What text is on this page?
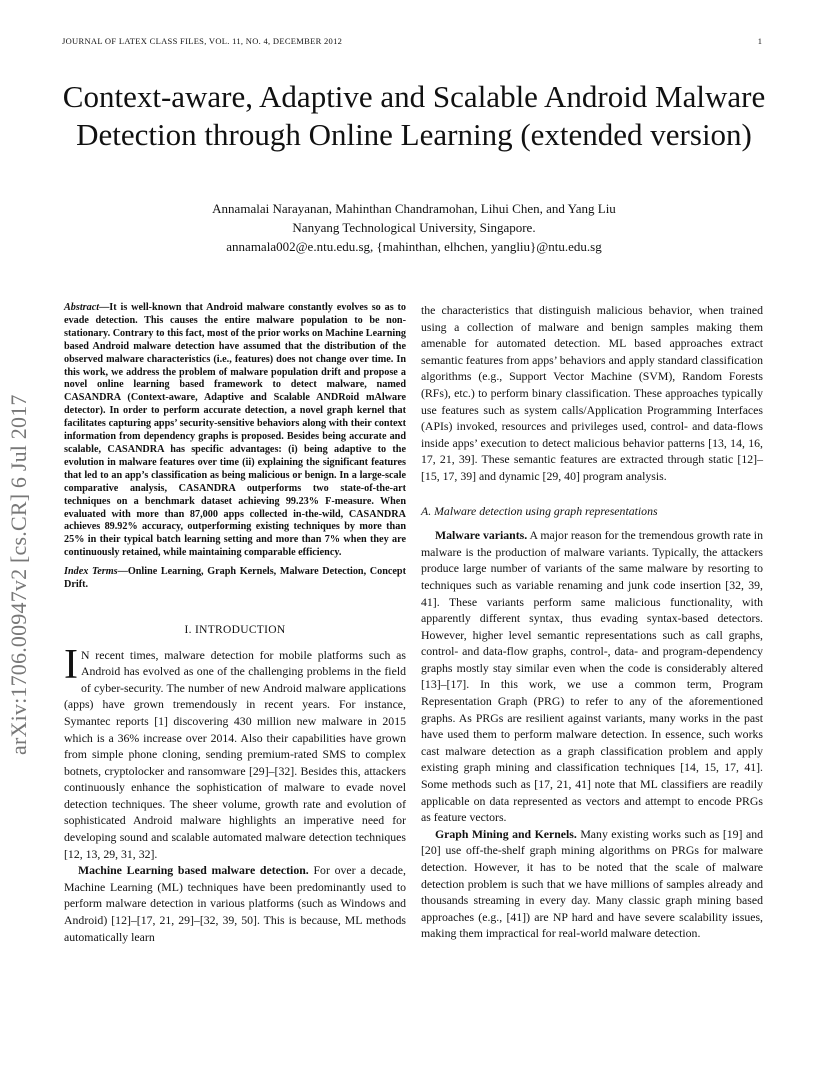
JOURNAL OF LATEX CLASS FILES, VOL. 11, NO. 4, DECEMBER 2012	1
Context-aware, Adaptive and Scalable Android Malware Detection through Online Learning (extended version)
Annamalai Narayanan, Mahinthan Chandramohan, Lihui Chen, and Yang Liu
Nanyang Technological University, Singapore.
annamala002@e.ntu.edu.sg, {mahinthan, elhchen, yangliu}@ntu.edu.sg
arXiv:1706.00947v2 [cs.CR] 6 Jul 2017
Abstract—It is well-known that Android malware constantly evolves so as to evade detection. This causes the entire malware population to be non-stationary. Contrary to this fact, most of the prior works on Machine Learning based Android malware detection have assumed that the distribution of the observed malware characteristics (i.e., features) does not change over time. In this work, we address the problem of malware population drift and propose a novel online learning based framework to detect malware, named CASANDRA (Context-aware, Adaptive and Scalable ANDRoid mAlware detector). In order to perform accurate detection, a novel graph kernel that facilitates capturing apps’ security-sensitive behaviors along with their context information from dependency graphs is proposed. Besides being accurate and scalable, CASANDRA has specific advantages: (i) being adaptive to the evolution in malware features over time (ii) explaining the significant features that led to an app’s classification as being malicious or benign. In a large-scale comparative analysis, CASANDRA outperforms two state-of-the-art techniques on a benchmark dataset achieving 99.23% F-measure. When evaluated with more than 87,000 apps collected in-the-wild, CASANDRA achieves 89.92% accuracy, outperforming existing techniques by more than 25% in their typical batch learning setting and more than 7% when they are continuously retained, while maintaining comparable efficiency.
Index Terms—Online Learning, Graph Kernels, Malware Detection, Concept Drift.
I. INTRODUCTION

I N recent times, malware detection for mobile platforms such as Android has evolved as one of the challenging problems in the field of cyber-security. The number of new Android malware applications (apps) have grown tremendously in recent years. For instance, Symantec reports [1] discovering 430 million new malware in 2015 which is a 36% increase over 2014. Also their capabilities have grown from simple phone cloning, sending premium-rated SMS to complex botnets, cryptolocker and ransomware [29]–[32]. Besides this, attackers continuously enhance the sophistication of malware to evade novel detection techniques. The sheer volume, growth rate and evolution of sophisticated Android malware highlights an imperative need for developing sound and scalable automated malware detection techniques [12, 13, 29, 31, 32].

Machine Learning based malware detection. For over a decade, Machine Learning (ML) techniques have been predominantly used to perform malware detection in various platforms (such as Windows and Android) [12]–[17, 21, 29]–[32, 39, 50]. This is because, ML methods automatically learn

the characteristics that distinguish malicious behavior, when trained using a collection of malware and benign samples making them amenable for automated detection. ML based approaches extract semantic features from apps’ behaviors and apply standard classification algorithms (e.g., Support Vector Machine (SVM), Random Forests (RFs), etc.) to perform binary classification. These approaches typically use features such as system calls/Application Programming Interfaces (APIs) invoked, resources and privileges used, control- and data-flows inside apps’ execution to detect malicious behavior patterns [13, 14, 16, 17, 21, 39]. These semantic features are extracted through static [12]–[15, 17, 39] and dynamic [29, 40] program analysis.

A. Malware detection using graph representations

Malware variants. A major reason for the tremendous growth rate in malware is the production of malware variants. Typically, the attackers produce large number of variants of the same malware by resorting to techniques such as variable renaming and junk code insertion [32, 39, 41]. These variants perform same malicious functionality, with apparently different syntax, thus evading syntax-based detectors. However, higher level semantic representations such as call graphs, control- and data-flow graphs, control-, data- and program-dependency graphs mostly stay similar even when the code is considerably altered [13]–[17]. In this work, we use a common term, Program Representation Graph (PRG) to refer to any of the aforementioned graphs. As PRGs are resilient against variants, many works in the past have used them to perform malware detection. In essence, such works cast malware detection as a graph classification problem and apply existing graph mining and classification techniques [14, 15, 17, 41]. Some methods such as [17, 21, 41] note that ML classifiers are readily applicable on data represented as vectors and attempt to encode PRGs as feature vectors.

Graph Mining and Kernels. Many existing works such as [19] and [20] use off-the-shelf graph mining algorithms on PRGs for malware detection. However, it has to be noted that the scale of malware detection problem is such that we have millions of samples already and thousands streaming in every day. Many classic graph mining based approaches (e.g., [41]) are NP hard and have severe scalability issues, making them impractical for real-world malware detection.
